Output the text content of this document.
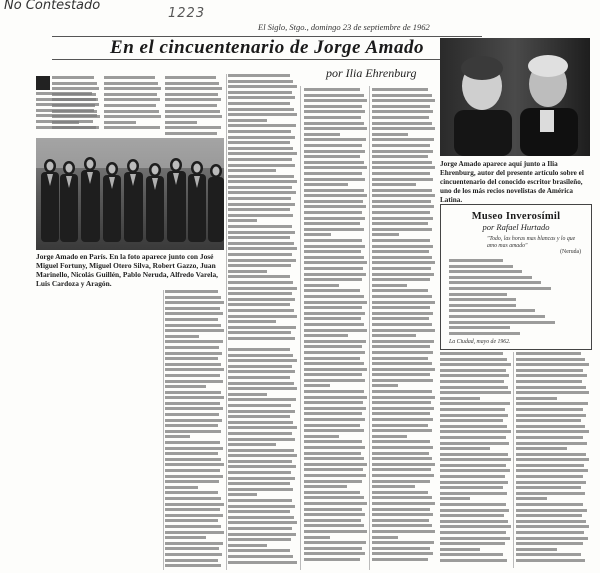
No Contestado
1223
El Siglo, Stgo., domingo 23 de septiembre de 1962
En el cincuentenario de Jorge Amado
por Ilia Ehrenburg
Jorge Amado en París. En la foto aparece junto con José Miguel Fortuny, Miguel Otero Silva, Robert Gazzo, Juan Marinello, Nicolás Guillén, Pablo Neruda, Alfredo Varela, Luis Cardoza y Aragón.
Jorge Amado aparece aquí junto a Ilia Ehrenburg, autor del presente artículo sobre el cincuentenario del conocido escritor brasileño, uno de los más recios novelistas de América Latina.
Museo Inverosímil
por Rafael Hurtado
"Todo, las horas mas blancas y lo que amo mas amado"
(Neruda)
La Ciudad, mayo de 1962.
